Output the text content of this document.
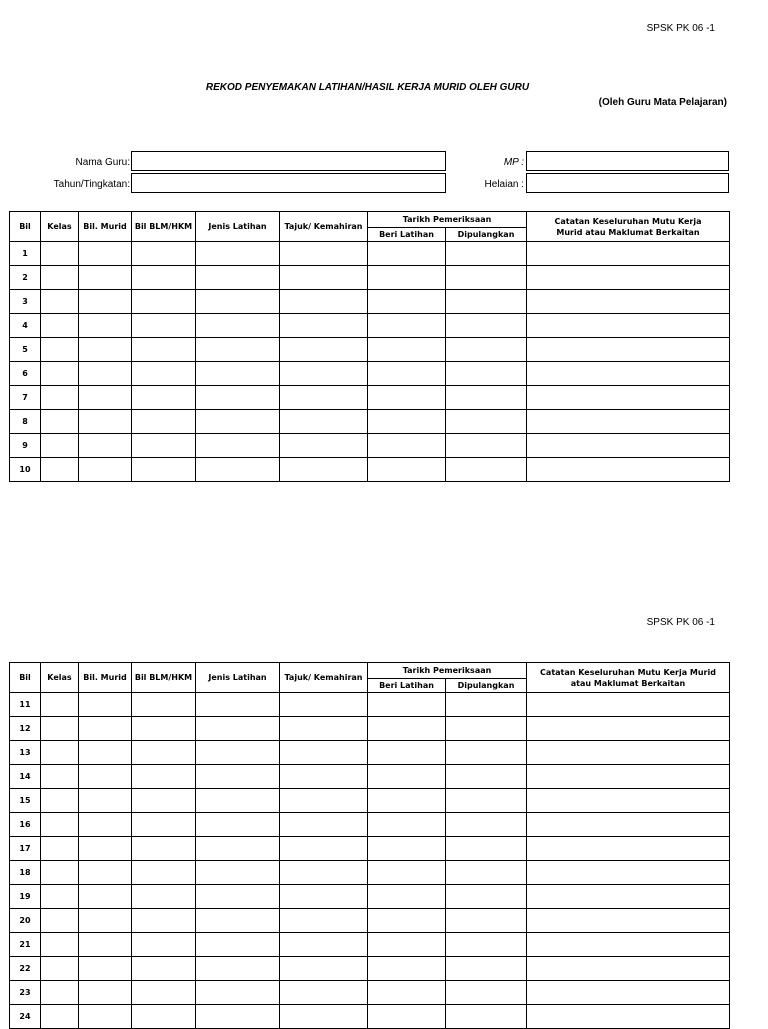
SPSK PK 06 -1
REKOD PENYEMAKAN LATIHAN/HASIL KERJA MURID OLEH GURU
(Oleh Guru Mata Pelajaran)
Nama Guru:
Tahun/Tingkatan:
MP :
Helaian :
Bil	Kelas	Bil. Murid	Bil BLM/HKM	Jenis Latihan	Tajuk/ Kemahiran	Tarikh Pemeriksaan		Catatan Keseluruhan Mutu Kerja Murid atau Maklumat Berkaitan
						Beri Latihan	Dipulangkan	
1								
2								
3								
4								
5								
6								
7								
8								
9								
10								
SPSK PK 06 -1
Bil	Kelas	Bil. Murid	Bil BLM/HKM	Jenis Latihan	Tajuk/ Kemahiran	Tarikh Pemeriksaan		Catatan Keseluruhan Mutu Kerja Murid atau Maklumat Berkaitan
						Beri Latihan	Dipulangkan	
11								
12								
13								
14								
15								
16								
17								
18								
19								
20								
21								
22								
23								
24								
